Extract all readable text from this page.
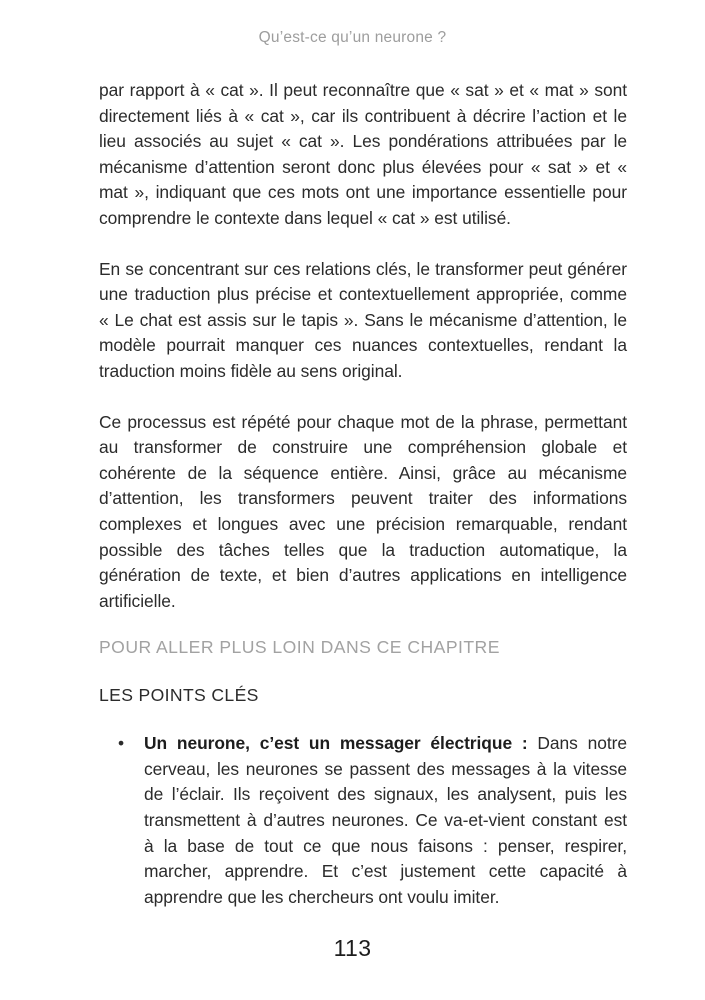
Qu’est-ce qu’un neurone ?

par rapport à « cat ». Il peut reconnaître que « sat » et « mat » sont directement liés à « cat », car ils contribuent à décrire l’action et le lieu associés au sujet « cat ». Les pondérations attribuées par le mécanisme d’attention seront donc plus élevées pour « sat » et « mat », indiquant que ces mots ont une importance essentielle pour comprendre le contexte dans lequel « cat » est utilisé.

En se concentrant sur ces relations clés, le transformer peut générer une traduction plus précise et contextuellement appropriée, comme « Le chat est assis sur le tapis ». Sans le mécanisme d’attention, le modèle pourrait manquer ces nuances contextuelles, rendant la traduction moins fidèle au sens original.

Ce processus est répété pour chaque mot de la phrase, permettant au transformer de construire une compréhension globale et cohérente de la séquence entière. Ainsi, grâce au mécanisme d’attention, les transformers peuvent traiter des informations complexes et longues avec une précision remarquable, rendant possible des tâches telles que la traduction automatique, la génération de texte, et bien d’autres applications en intelligence artificielle.

POUR ALLER PLUS LOIN DANS CE CHAPITRE
LES POINTS CLÉS
• Un neurone, c’est un messager électrique : Dans notre cerveau, les neurones se passent des messages à la vitesse de l’éclair. Ils reçoivent des signaux, les analysent, puis les transmettent à d’autres neurones. Ce va-et-vient constant est à la base de tout ce que nous faisons : penser, respirer, marcher, apprendre. Et c’est justement cette capacité à apprendre que les chercheurs ont voulu imiter.
113
